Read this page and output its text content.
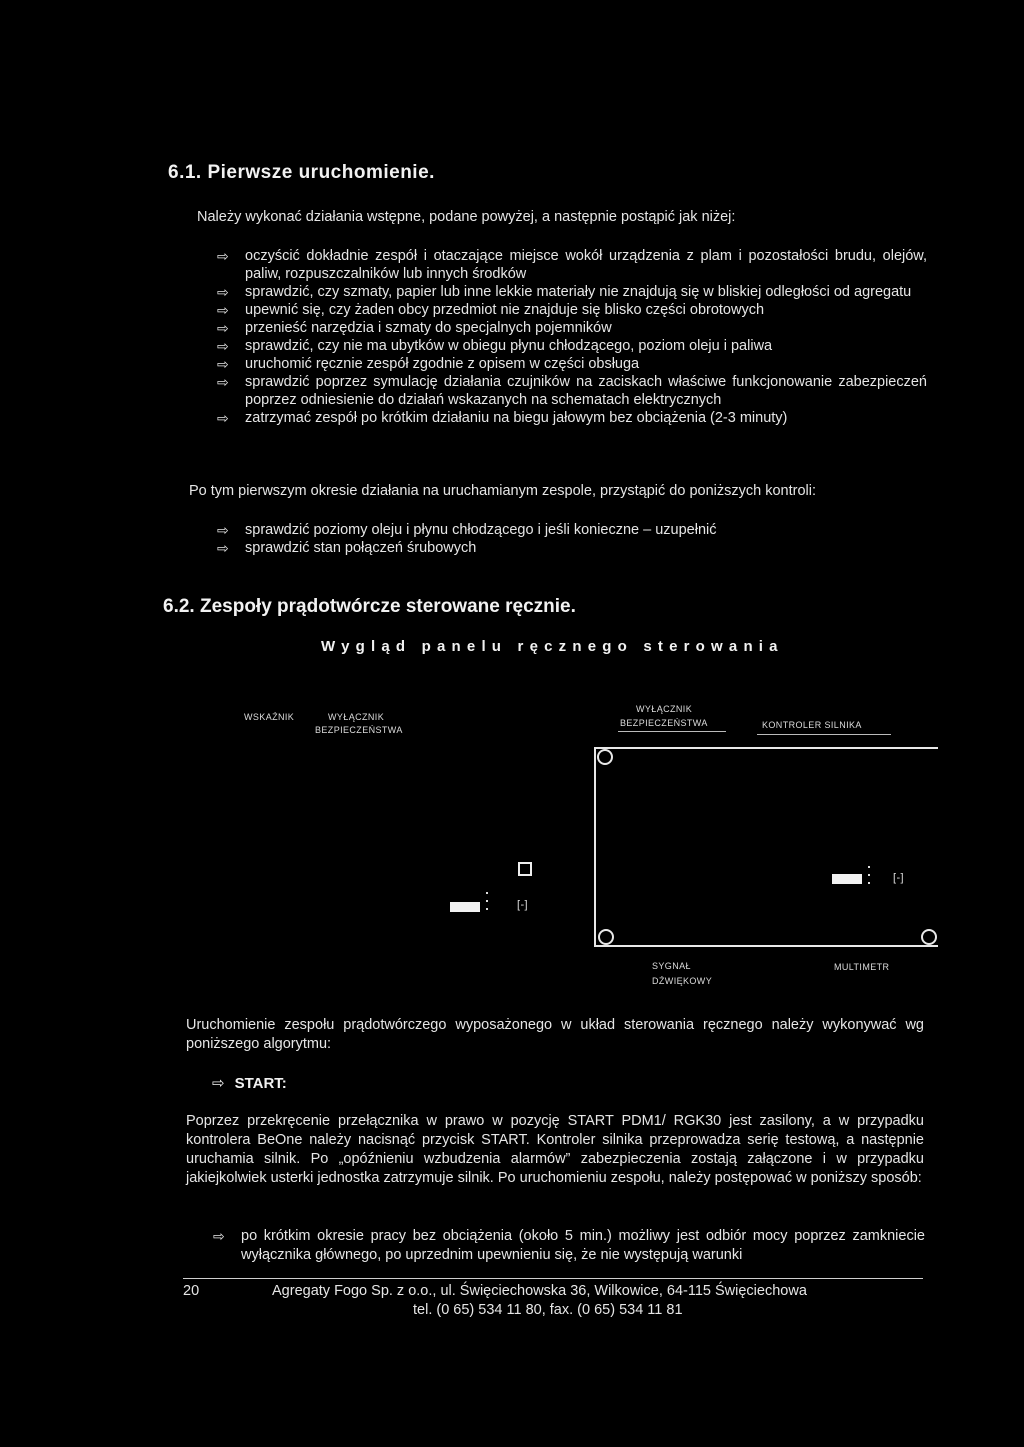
6.1. Pierwsze uruchomienie.
Należy wykonać działania wstępne, podane powyżej, a następnie postąpić jak niżej:
⇨ oczyścić dokładnie zespół i otaczające miejsce wokół urządzenia z plam i pozostałości brudu, olejów, paliw, rozpuszczalników lub innych środków
⇨ sprawdzić, czy szmaty, papier lub inne lekkie materiały nie znajdują się w bliskiej odległości od agregatu
⇨ upewnić się, czy żaden obcy przedmiot nie znajduje się blisko części obrotowych
⇨ przenieść narzędzia i szmaty do specjalnych pojemników
⇨ sprawdzić, czy nie ma ubytków w obiegu płynu chłodzącego, poziom oleju i paliwa
⇨ uruchomić ręcznie zespół zgodnie z opisem w części obsługa
⇨ sprawdzić poprzez symulację działania czujników na zaciskach właściwe funkcjonowanie zabezpieczeń poprzez odniesienie do działań wskazanych na schematach elektrycznych
⇨ zatrzymać zespół po krótkim działaniu na biegu jałowym bez obciążenia (2-3 minuty)
Po tym pierwszym okresie działania na uruchamianym zespole, przystąpić do poniższych kontroli:
⇨ sprawdzić poziomy oleju i płynu chłodzącego i jeśli konieczne – uzupełnić
⇨ sprawdzić stan połączeń śrubowych
6.2. Zespoły prądotwórcze sterowane ręcznie.
Wygląd panelu ręcznego sterowania
WSKAŹNIK	WYŁĄCZNIK
BEZPIECZEŃSTWA
WYŁĄCZNIK
BEZPIECZEŃSTWA	KONTROLER SILNIKA
[-]
[-]
SYGNAŁ
DŹWIĘKOWY
MULTIMETR
Uruchomienie zespołu prądotwórczego wyposażonego w układ sterowania ręcznego należy wykonywać wg poniższego algorytmu:
⇨ START:
Poprzez przekręcenie przełącznika w prawo w pozycję START PDM1/ RGK30 jest zasilony, a w przypadku kontrolera BeOne należy nacisnąć przycisk START. Kontroler silnika przeprowadza serię testową, a następnie uruchamia silnik. Po „opóźnieniu wzbudzenia alarmów” zabezpieczenia zostają załączone i w przypadku jakiejkolwiek usterki jednostka zatrzymuje silnik. Po uruchomieniu zespołu, należy postępować w poniższy sposób:
⇨ po krótkim okresie pracy bez obciążenia (około 5 min.) możliwy jest odbiór mocy poprzez zamkniecie wyłącznika głównego, po uprzednim upewnieniu się, że nie występują warunki
20	Agregaty Fogo Sp. z o.o., ul. Święciechowska 36, Wilkowice, 64-115 Święciechowa
tel. (0 65) 534 11 80, fax. (0 65) 534 11 81
